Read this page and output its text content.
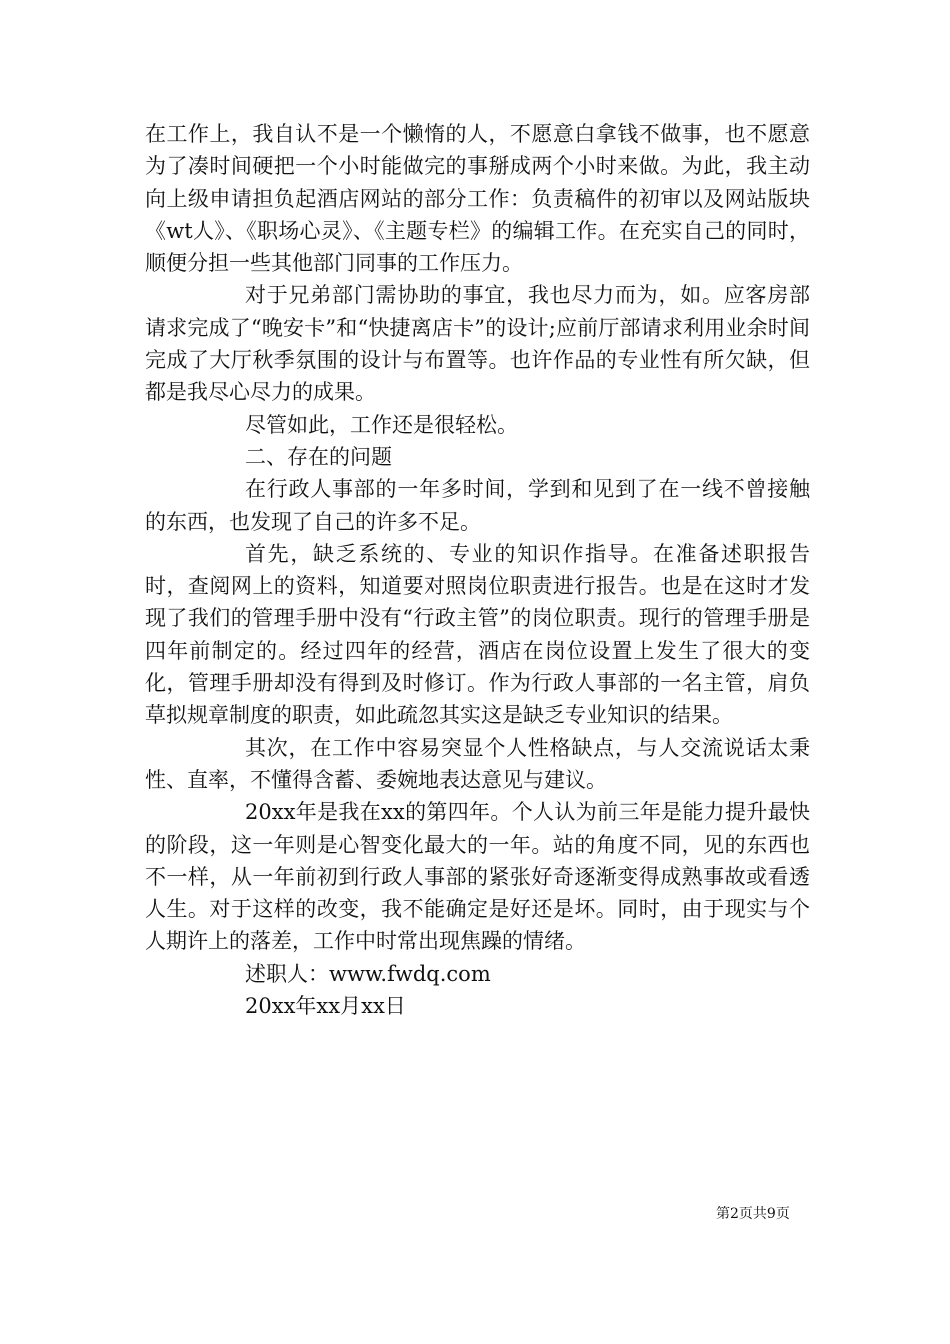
在工作上，我自认不是一个懒惰的人，不愿意白拿钱不做事，也不愿意为了凑时间硬把一个小时能做完的事掰成两个小时来做。为此，我主动向上级申请担负起酒店网站的部分工作：负责稿件的初审以及网站版块《wt人》、《职场心灵》、《主题专栏》的编辑工作。在充实自己的同时，顺便分担一些其他部门同事的工作压力。

对于兄弟部门需协助的事宜，我也尽力而为，如。应客房部请求完成了“晚安卡”和“快捷离店卡”的设计;应前厅部请求利用业余时间完成了大厅秋季氛围的设计与布置等。也许作品的专业性有所欠缺，但都是我尽心尽力的成果。

尽管如此，工作还是很轻松。

二、存在的问题

在行政人事部的一年多时间，学到和见到了在一线不曾接触的东西，也发现了自己的许多不足。

首先，缺乏系统的、专业的知识作指导。在准备述职报告时，查阅网上的资料，知道要对照岗位职责进行报告。也是在这时才发现了我们的管理手册中没有“行政主管”的岗位职责。现行的管理手册是四年前制定的。经过四年的经营，酒店在岗位设置上发生了很大的变化，管理手册却没有得到及时修订。作为行政人事部的一名主管，肩负草拟规章制度的职责，如此疏忽其实这是缺乏专业知识的结果。

其次，在工作中容易突显个人性格缺点，与人交流说话太秉性、直率，不懂得含蓄、委婉地表达意见与建议。

20xx年是我在xx的第四年。个人认为前三年是能力提升最快的阶段，这一年则是心智变化最大的一年。站的角度不同，见的东西也不一样，从一年前初到行政人事部的紧张好奇逐渐变得成熟事故或看透人生。对于这样的改变，我不能确定是好还是坏。同时，由于现实与个人期许上的落差，工作中时常出现焦躁的情绪。

述职人：www.fwdq.com

20xx年xx月xx日

第2页共9页
